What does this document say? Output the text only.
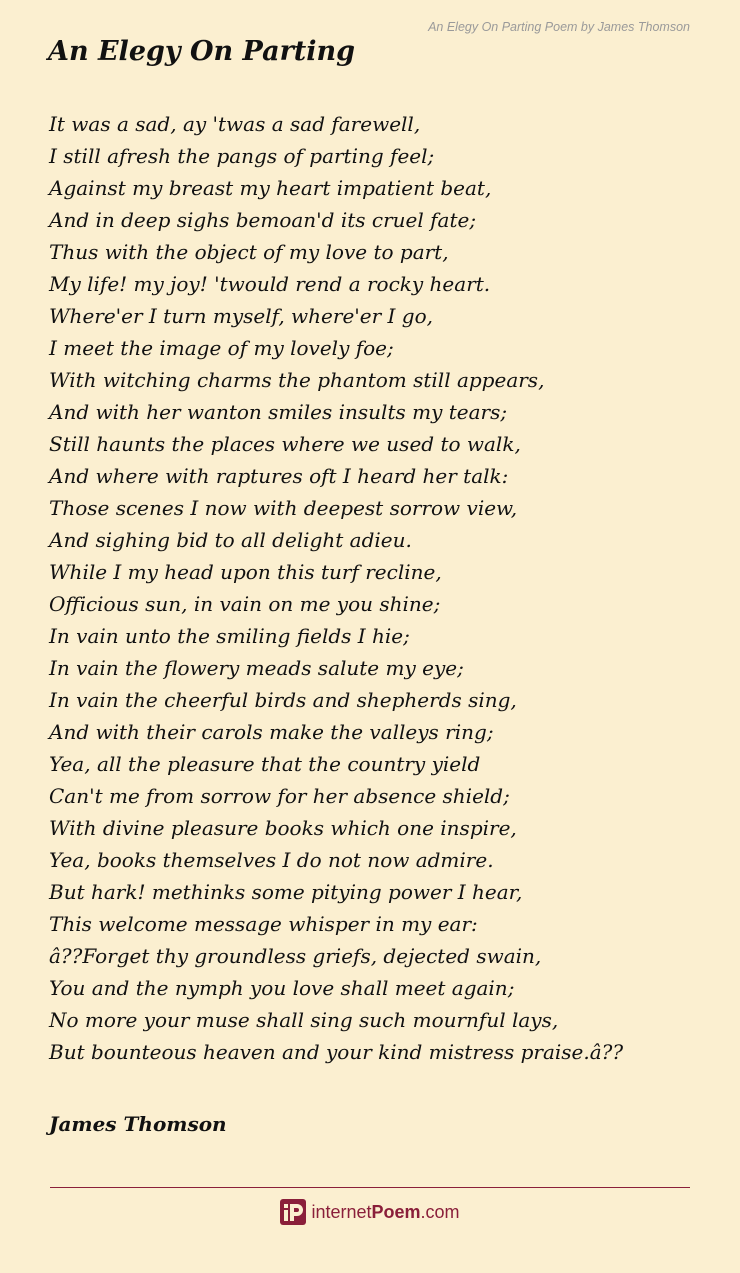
An Elegy On Parting Poem by James Thomson
An Elegy On Parting
It was a sad, ay 'twas a sad farewell,
I still afresh the pangs of parting feel;
Against my breast my heart impatient beat,
And in deep sighs bemoan'd its cruel fate;
Thus with the object of my love to part,
My life! my joy! 'twould rend a rocky heart.
Where'er I turn myself, where'er I go,
I meet the image of my lovely foe;
With witching charms the phantom still appears,
And with her wanton smiles insults my tears;
Still haunts the places where we used to walk,
And where with raptures oft I heard her talk:
Those scenes I now with deepest sorrow view,
And sighing bid to all delight adieu.
While I my head upon this turf recline,
Officious sun, in vain on me you shine;
In vain unto the smiling fields I hie;
In vain the flowery meads salute my eye;
In vain the cheerful birds and shepherds sing,
And with their carols make the valleys ring;
Yea, all the pleasure that the country yield
Can't me from sorrow for her absence shield;
With divine pleasure books which one inspire,
Yea, books themselves I do not now admire.
But hark! methinks some pitying power I hear,
This welcome message whisper in my ear:
â??Forget thy groundless griefs, dejected swain,
You and the nymph you love shall meet again;
No more your muse shall sing such mournful lays,
But bounteous heaven and your kind mistress praise.â??
James Thomson
internetPoem.com
